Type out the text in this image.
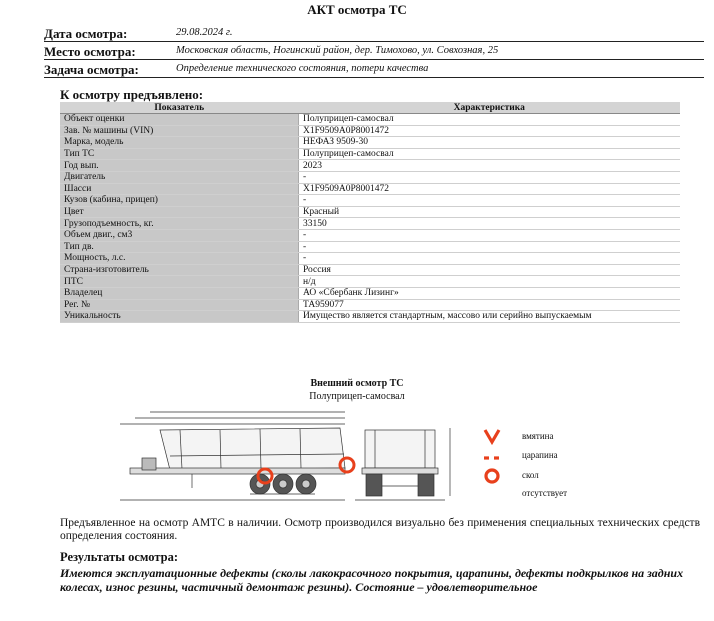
АКТ осмотра ТС
Дата осмотра:	29.08.2024 г.
Место осмотра:	Московская область, Ногинский район, дер. Тимохово, ул. Совхозная, 25
Задача осмотра:	Определение технического состояния, потери качества
К осмотру предъявлено:
Показатель	Характеристика
Объект оценки	Полуприцеп-самосвал
Зав. № машины (VIN)	X1F9509A0P8001472
Марка, модель	НЕФАЗ 9509-30
Тип ТС	Полуприцеп-самосвал
Год вып.	2023
Двигатель	-
Шасси	X1F9509A0P8001472
Кузов (кабина, прицеп)	-
Цвет	Красный
Грузоподъемность, кг.	33150
Объем двиг., см3	-
Тип дв.	-
Мощность, л.с.	-
Страна-изготовитель	Россия
ПТС	н/д
Владелец	АО «Сбербанк Лизинг»
Рег. №	ТА959077
Уникальность	Имущество является стандартным, массово или серийно выпускаемым
Внешний осмотр ТС
Полуприцеп-самосвал
вмятина
царапина
скол
отсутствует
Предъявленное на осмотр АМТС в наличии. Осмотр производился визуально без применения специальных технических средств определения состояния.
Результаты осмотра:
Имеются эксплуатационные дефекты (сколы лакокрасочного покрытия, царапины, дефекты подкрылков на задних колесах, износ резины, частичный демонтаж резины). Состояние – удовлетворительное
